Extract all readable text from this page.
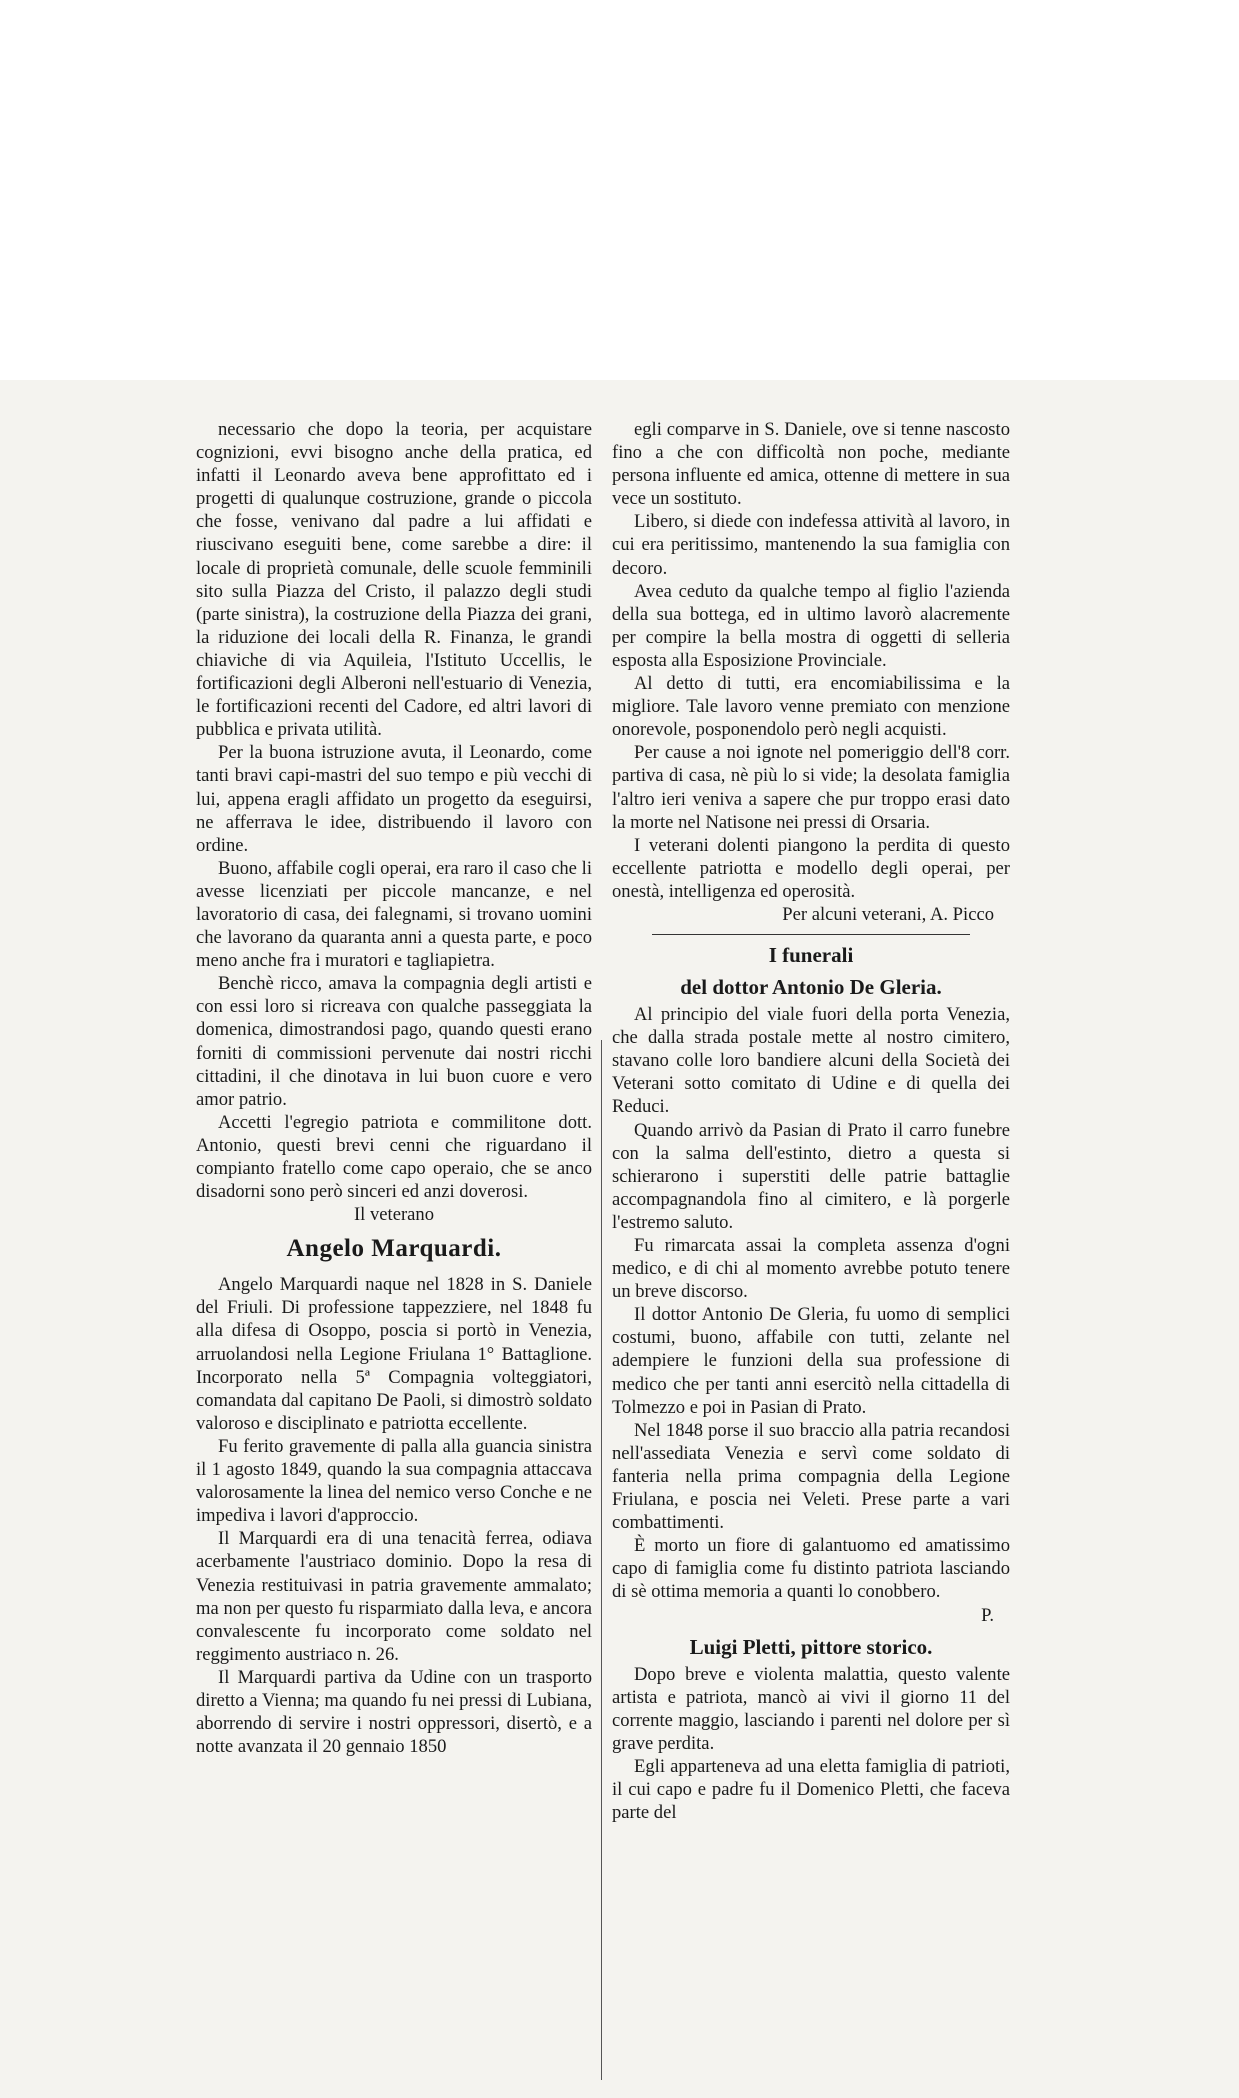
necessario che dopo la teoria, per acquistare cognizioni, evvi bisogno anche della pratica, ed infatti il Leonardo aveva bene approfittato ed i progetti di qualunque costruzione, grande o piccola che fosse, venivano dal padre a lui affidati e riuscivano eseguiti bene, come sarebbe a dire: il locale di proprietà comunale, delle scuole femminili sito sulla Piazza del Cristo, il palazzo degli studi (parte sinistra), la costruzione della Piazza dei grani, la riduzione dei locali della R. Finanza, le grandi chiaviche di via Aquileia, l'Istituto Uccellis, le fortificazioni degli Alberoni nell'estuario di Venezia, le fortificazioni recenti del Cadore, ed altri lavori di pubblica e privata utilità.

Per la buona istruzione avuta, il Leonardo, come tanti bravi capi-mastri del suo tempo e più vecchi di lui, appena eragli affidato un progetto da eseguirsi, ne afferrava le idee, distribuendo il lavoro con ordine.

Buono, affabile cogli operai, era raro il caso che li avesse licenziati per piccole mancanze, e nel lavoratorio di casa, dei falegnami, si trovano uomini che lavorano da quaranta anni a questa parte, e poco meno anche fra i muratori e tagliapietra.

Benchè ricco, amava la compagnia degli artisti e con essi loro si ricreava con qualche passeggiata la domenica, dimostrandosi pago, quando questi erano forniti di commissioni pervenute dai nostri ricchi cittadini, il che dinotava in lui buon cuore e vero amor patrio.

Accetti l'egregio patriota e commilitone dott. Antonio, questi brevi cenni che riguardano il compianto fratello come capo operaio, che se anco disadorni sono però sinceri ed anzi doverosi.

Il veterano

Angelo Marquardi.

Angelo Marquardi naque nel 1828 in S. Daniele del Friuli. Di professione tappezziere, nel 1848 fu alla difesa di Osoppo, poscia si portò in Venezia, arruolandosi nella Legione Friulana 1° Battaglione. Incorporato nella 5ª Compagnia volteggiatori, comandata dal capitano De Paoli, si dimostrò soldato valoroso e disciplinato e patriotta eccellente.

Fu ferito gravemente di palla alla guancia sinistra il 1 agosto 1849, quando la sua compagnia attaccava valorosamente la linea del nemico verso Conche e ne impediva i lavori d'approccio.

Il Marquardi era di una tenacità ferrea, odiava acerbamente l'austriaco dominio. Dopo la resa di Venezia restituivasi in patria gravemente ammalato; ma non per questo fu risparmiato dalla leva, e ancora convalescente fu incorporato come soldato nel reggimento austriaco n. 26.

Il Marquardi partiva da Udine con un trasporto diretto a Vienna; ma quando fu nei pressi di Lubiana, aborrendo di servire i nostri oppressori, disertò, e a notte avanzata il 20 gennaio 1850

egli comparve in S. Daniele, ove si tenne nascosto fino a che con difficoltà non poche, mediante persona influente ed amica, ottenne di mettere in sua vece un sostituto.

Libero, si diede con indefessa attività al lavoro, in cui era peritissimo, mantenendo la sua famiglia con decoro.

Avea ceduto da qualche tempo al figlio l'azienda della sua bottega, ed in ultimo lavorò alacremente per compire la bella mostra di oggetti di selleria esposta alla Esposizione Provinciale.

Al detto di tutti, era encomiabilissima e la migliore. Tale lavoro venne premiato con menzione onorevole, posponendolo però negli acquisti.

Per cause a noi ignote nel pomeriggio dell'8 corr. partiva di casa, nè più lo si vide; la desolata famiglia l'altro ieri veniva a sapere che pur troppo erasi dato la morte nel Natisone nei pressi di Orsaria.

I veterani dolenti piangono la perdita di questo eccellente patriotta e modello degli operai, per onestà, intelligenza ed operosità.

Per alcuni veterani, A. Picco

I funerali
del dottor Antonio De Gleria.

Al principio del viale fuori della porta Venezia, che dalla strada postale mette al nostro cimitero, stavano colle loro bandiere alcuni della Società dei Veterani sotto comitato di Udine e di quella dei Reduci.

Quando arrivò da Pasian di Prato il carro funebre con la salma dell'estinto, dietro a questa si schierarono i superstiti delle patrie battaglie accompagnandola fino al cimitero, e là porgerle l'estremo saluto.

Fu rimarcata assai la completa assenza d'ogni medico, e di chi al momento avrebbe potuto tenere un breve discorso.

Il dottor Antonio De Gleria, fu uomo di semplici costumi, buono, affabile con tutti, zelante nel adempiere le funzioni della sua professione di medico che per tanti anni esercitò nella cittadella di Tolmezzo e poi in Pasian di Prato.

Nel 1848 porse il suo braccio alla patria recandosi nell'assediata Venezia e servì come soldato di fanteria nella prima compagnia della Legione Friulana, e poscia nei Veleti. Prese parte a vari combattimenti.

È morto un fiore di galantuomo ed amatissimo capo di famiglia come fu distinto patriota lasciando di sè ottima memoria a quanti lo conobbero.

P.

Luigi Pletti, pittore storico.

Dopo breve e violenta malattia, questo valente artista e patriota, mancò ai vivi il giorno 11 del corrente maggio, lasciando i parenti nel dolore per sì grave perdita.

Egli apparteneva ad una eletta famiglia di patrioti, il cui capo e padre fu il Domenico Pletti, che faceva parte del
